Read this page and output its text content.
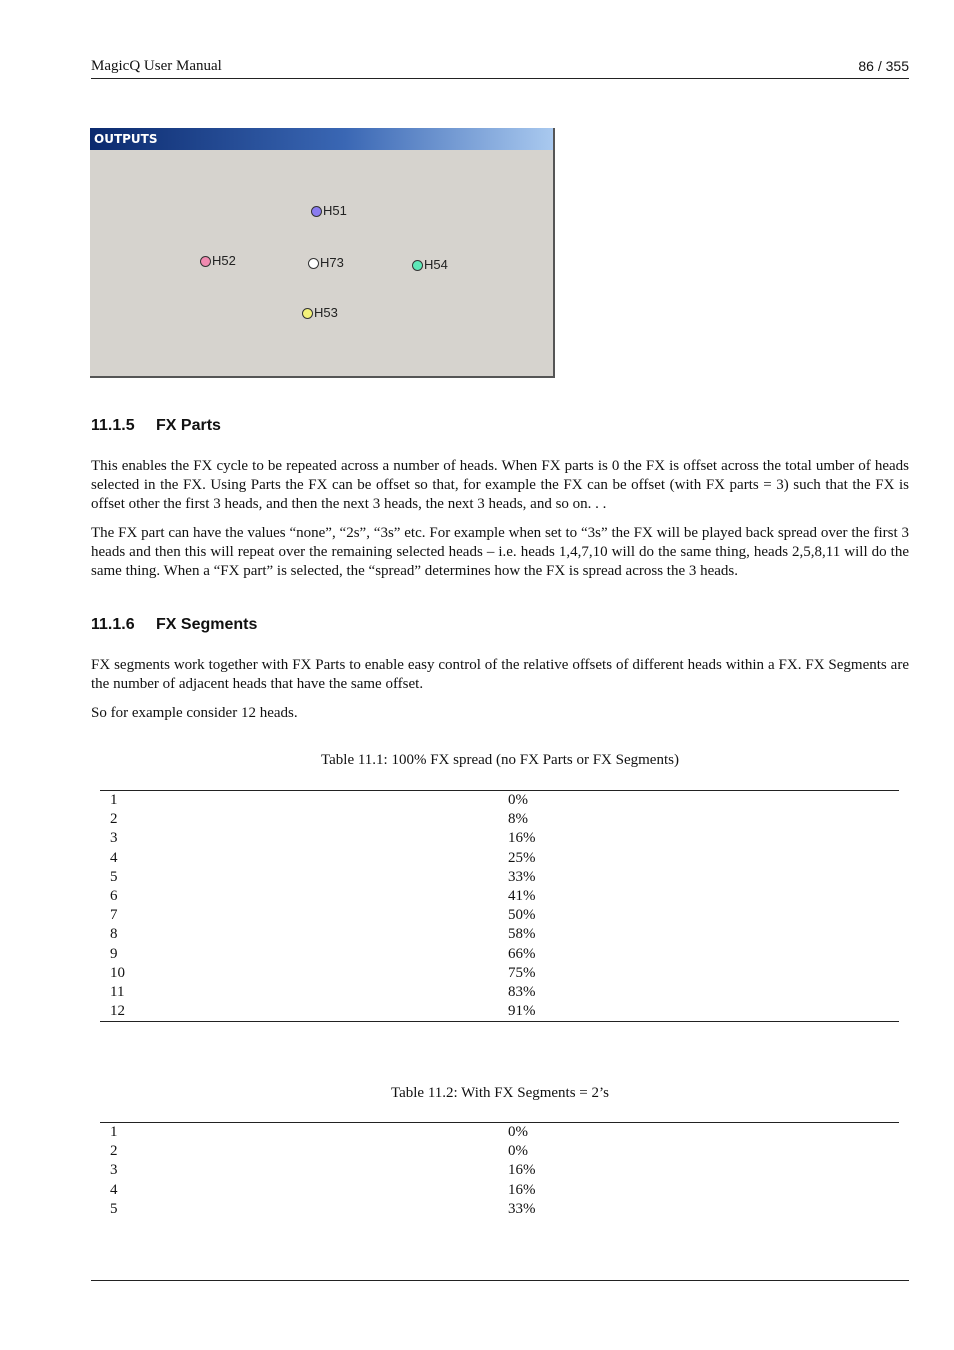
MagicQ User Manual	86 / 355
OUTPUTS
H51
H52	H73	H54
H53
11.1.5 FX Parts

This enables the FX cycle to be repeated across a number of heads. When FX parts is 0 the FX is offset across the total umber of heads selected in the FX. Using Parts the FX can be offset so that, for example the FX can be offset (with FX parts = 3) such that the FX is offset other the first 3 heads, and then the next 3 heads, the next 3 heads, and so on. . .

The FX part can have the values “none”, “2s”, “3s” etc. For example when set to “3s” the FX will be played back spread over the first 3 heads and then this will repeat over the remaining selected heads – i.e. heads 1,4,7,10 will do the same thing, heads 2,5,8,11 will do the same thing. When a “FX part” is selected, the “spread” determines how the FX is spread across the 3 heads.

11.1.6 FX Segments

FX segments work together with FX Parts to enable easy control of the relative offsets of different heads within a FX. FX Segments are the number of adjacent heads that have the same offset.

So for example consider 12 heads.

Table 11.1: 100% FX spread (no FX Parts or FX Segments)
1	0%
2	8%
3	16%
4	25%
5	33%
6	41%
7	50%
8	58%
9	66%
10	75%
11	83%
12	91%
Table 11.2: With FX Segments = 2’s
1	0%
2	0%
3	16%
4	16%
5	33%
